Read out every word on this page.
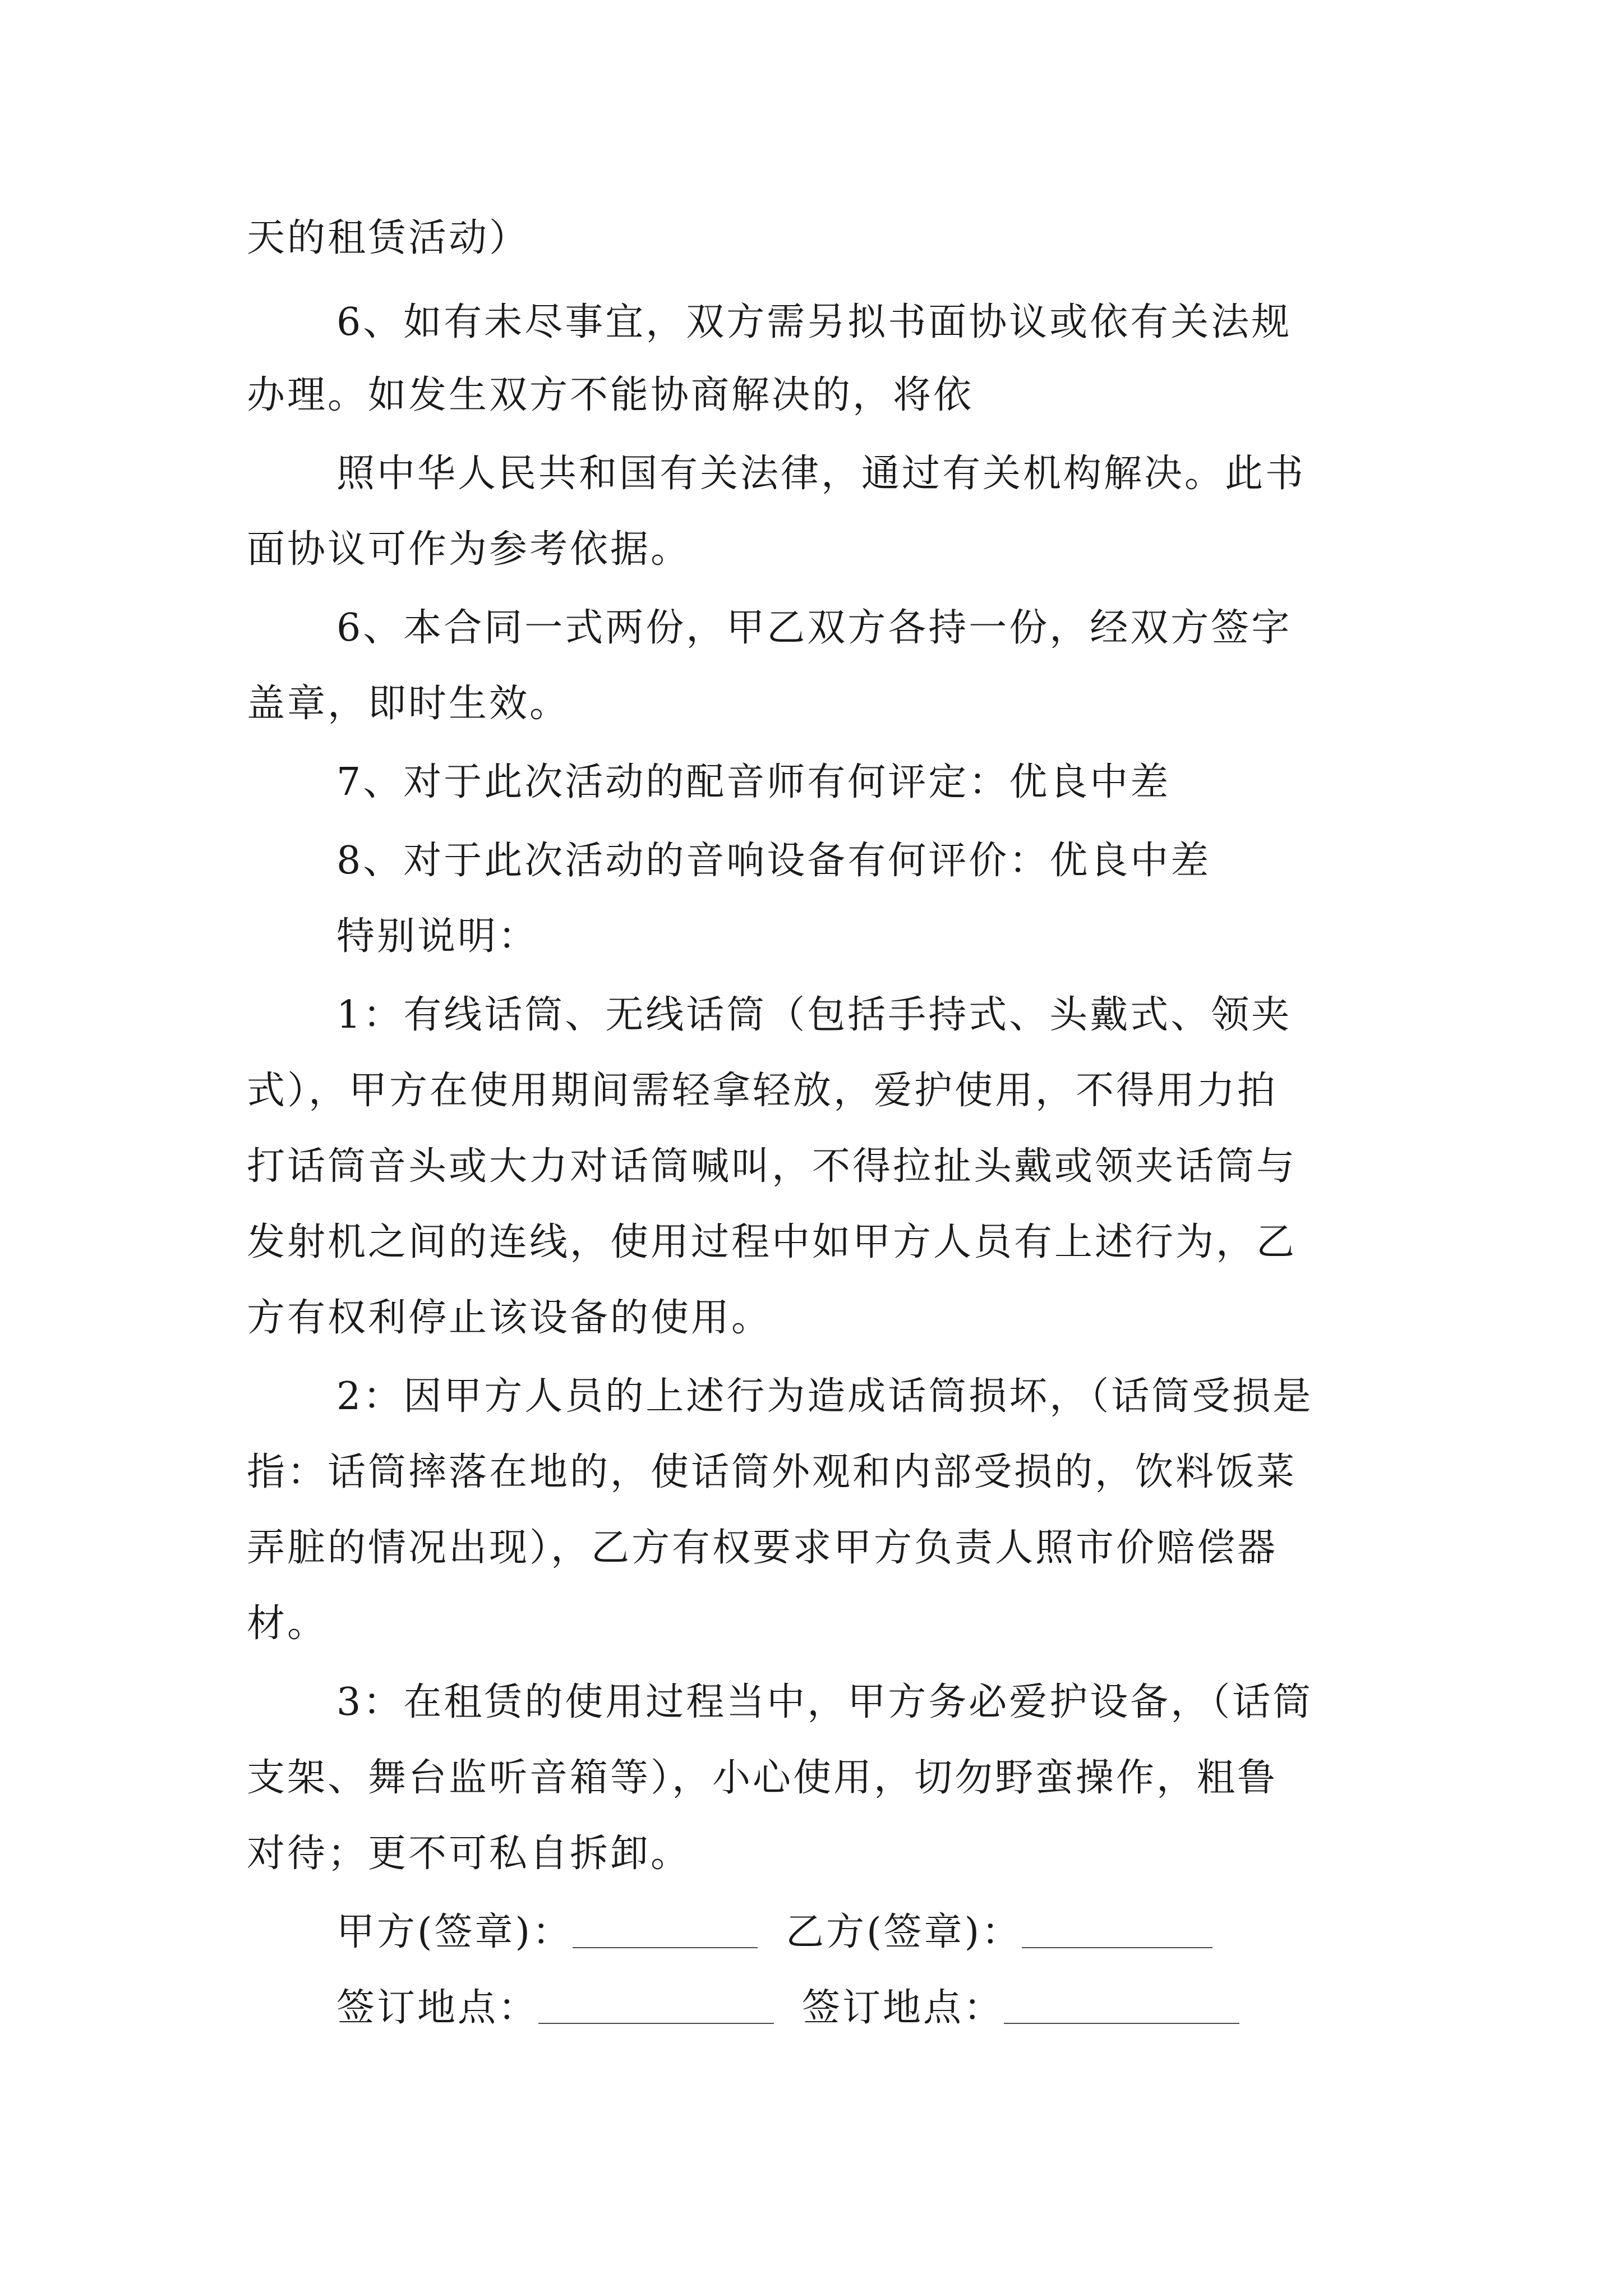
天的租赁活动）
6、如有未尽事宜，双方需另拟书面协议或依有关法规
办理。如发生双方不能协商解决的，将依
照中华人民共和国有关法律，通过有关机构解决。此书
面协议可作为参考依据。
6、本合同一式两份，甲乙双方各持一份，经双方签字
盖章，即时生效。
7、对于此次活动的配音师有何评定：优良中差
8、对于此次活动的音响设备有何评价：优良中差
特别说明：
1：有线话筒、无线话筒（包括手持式、头戴式、领夹
式），甲方在使用期间需轻拿轻放，爱护使用，不得用力拍
打话筒音头或大力对话筒喊叫，不得拉扯头戴或领夹话筒与
发射机之间的连线，使用过程中如甲方人员有上述行为，乙
方有权利停止该设备的使用。
2：因甲方人员的上述行为造成话筒损坏，（话筒受损是
指：话筒摔落在地的，使话筒外观和内部受损的，饮料饭菜
弄脏的情况出现），乙方有权要求甲方负责人照市价赔偿器
材。
3：在租赁的使用过程当中，甲方务必爱护设备，（话筒
支架、舞台监听音箱等），小心使用，切勿野蛮操作，粗鲁
对待；更不可私自拆卸。
甲方(签章)：	乙方(签章)：
签订地点：	签订地点：
